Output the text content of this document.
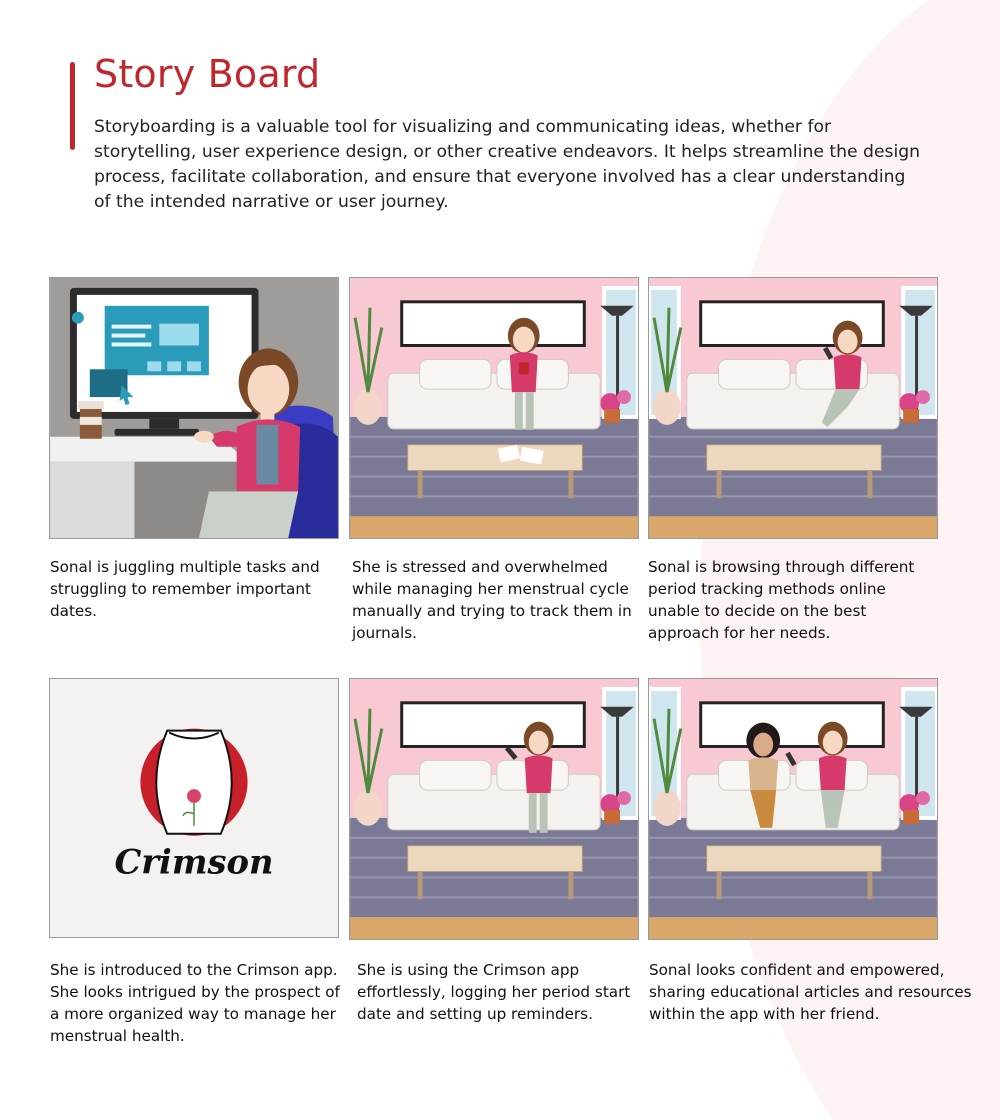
Story Board

Storyboarding is a valuable tool for visualizing and communicating ideas, whether for storytelling, user experience design, or other creative endeavors. It helps streamline the design process, facilitate collaboration, and ensure that everyone involved has a clear understanding of the intended narrative or user journey.

Crimson

Sonal is juggling multiple tasks and struggling to remember important dates.

She is stressed and overwhelmed while managing her menstrual cycle manually and trying to track them in journals.

Sonal is browsing through different period tracking methods online unable to decide on the best approach for her needs.

She is introduced to the Crimson app. She looks intrigued by the prospect of a more organized way to manage her menstrual health.

She is using the Crimson app effortlessly, logging her period start date and setting up reminders.

Sonal looks confident and empowered, sharing educational articles and resources within the app with her friend.
